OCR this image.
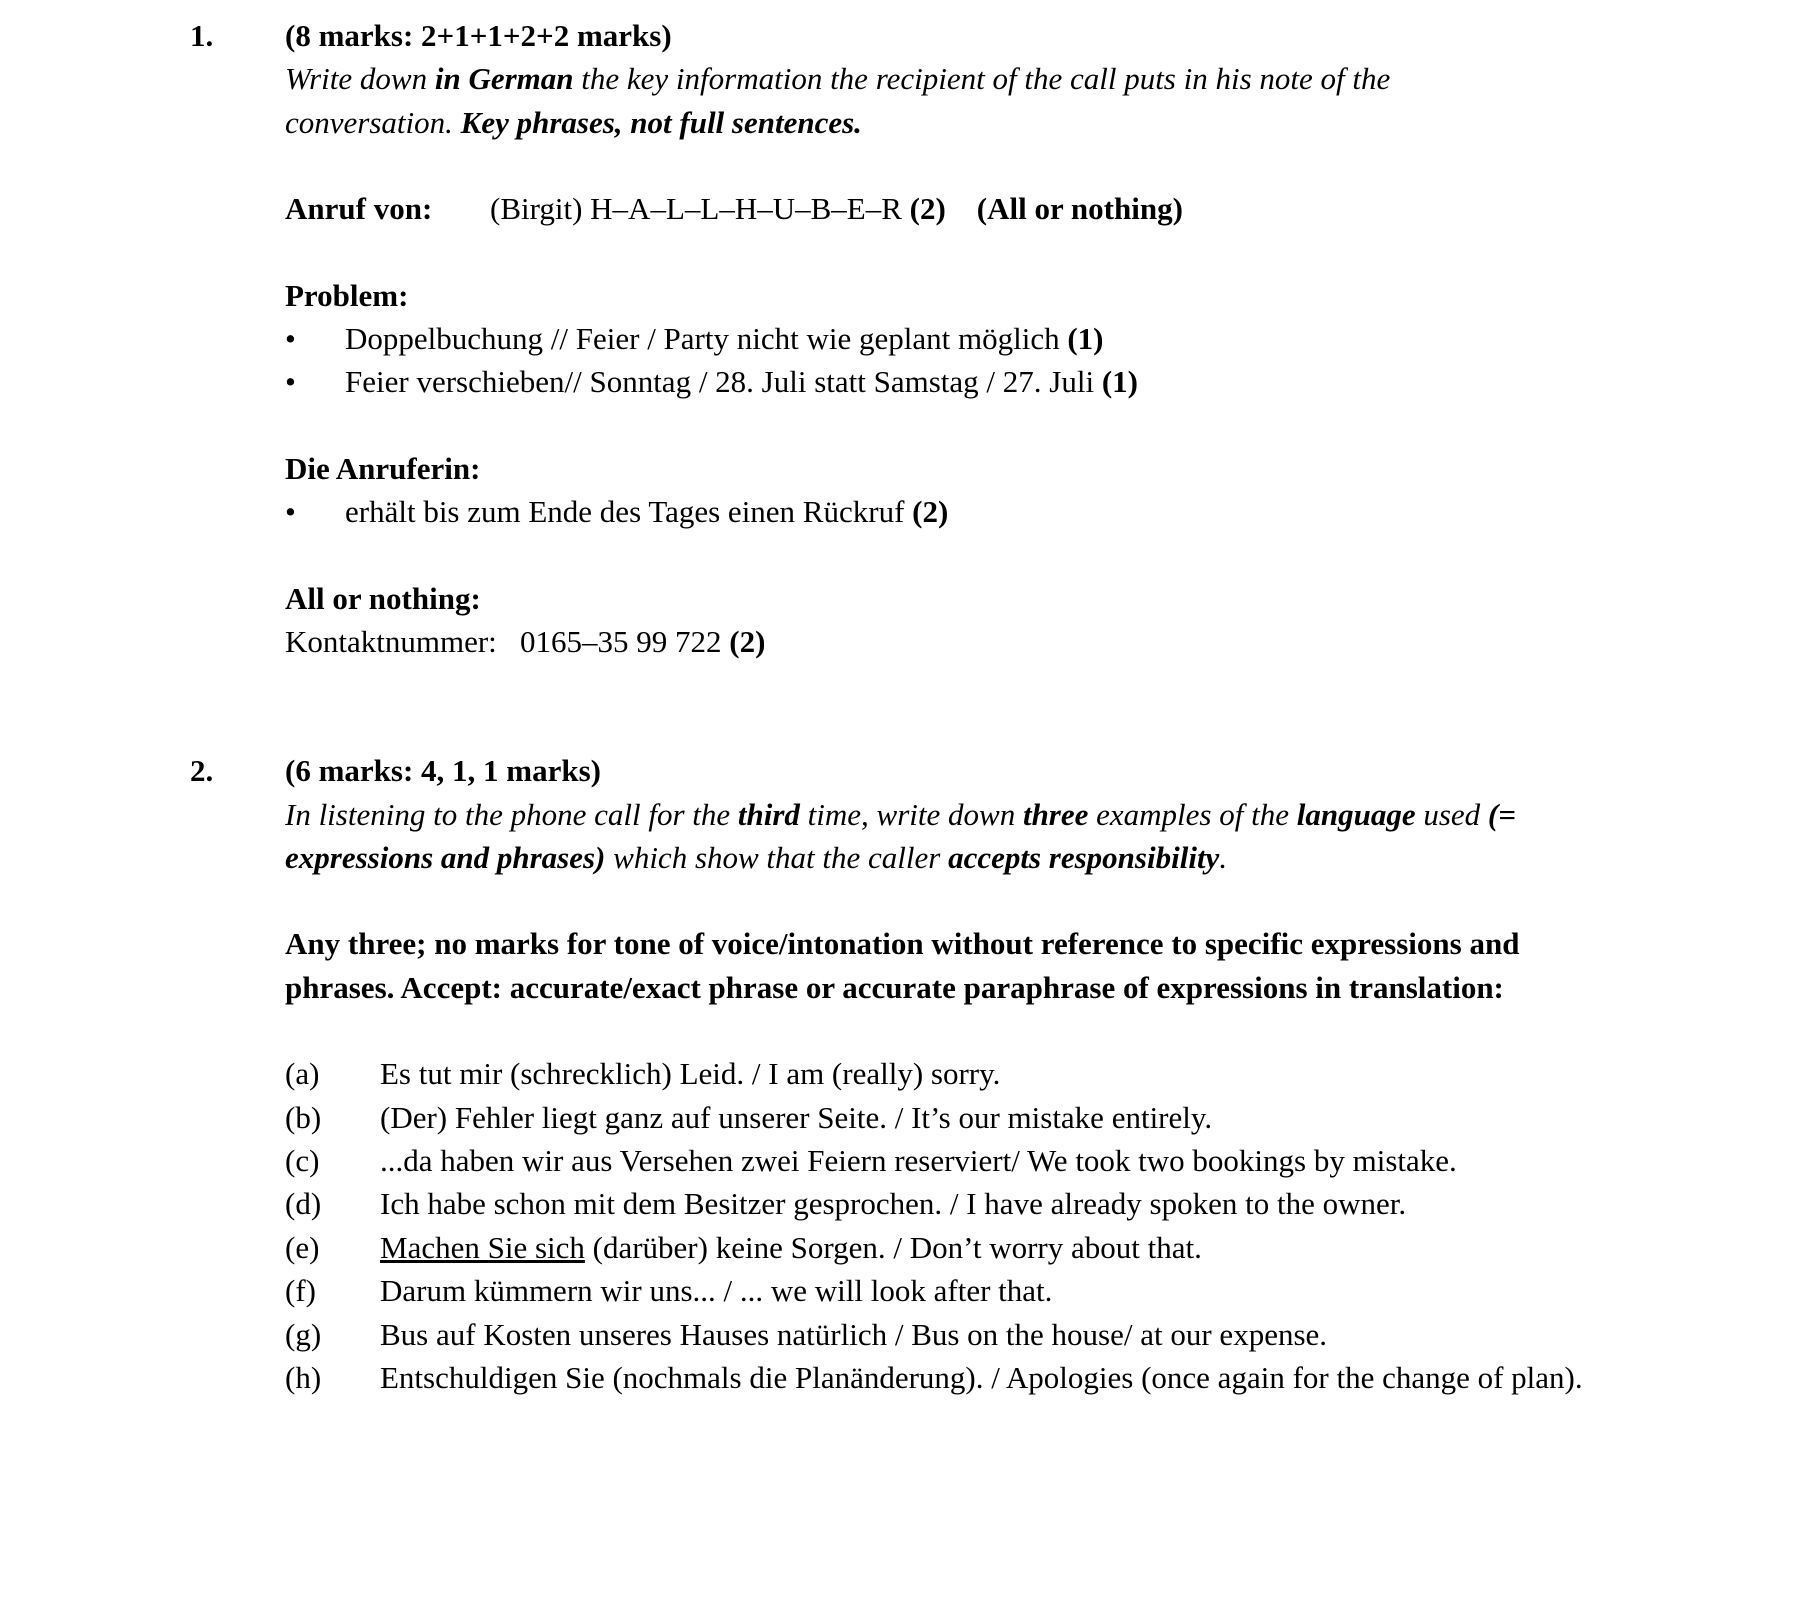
1.	(8 marks: 2+1+1+2+2 marks)

Write down in German the key information the recipient of the call puts in his note of the conversation. Key phrases, not full sentences.

Anruf von:	(Birgit) H–A–L–L–H–U–B–E–R (2) (All or nothing)

Problem:

•	Doppelbuchung // Feier / Party nicht wie geplant möglich (1)
•	Feier verschieben// Sonntag / 28. Juli statt Samstag / 27. Juli (1)

Die Anruferin:

•	erhält bis zum Ende des Tages einen Rückruf (2)

All or nothing:

Kontaktnummer: 0165–35 99 722 (2)
2.	(6 marks: 4, 1, 1 marks)

In listening to the phone call for the third time, write down three examples of the language used (= expressions and phrases) which show that the caller accepts responsibility.

Any three; no marks for tone of voice/intonation without reference to specific expressions and phrases. Accept: accurate/exact phrase or accurate paraphrase of expressions in translation:

(a)	Es tut mir (schrecklich) Leid. / I am (really) sorry.
(b)	(Der) Fehler liegt ganz auf unserer Seite. / It’s our mistake entirely.
(c)	...da haben wir aus Versehen zwei Feiern reserviert/ We took two bookings by mistake.
(d)	Ich habe schon mit dem Besitzer gesprochen. / I have already spoken to the owner.
(e)	Machen Sie sich (darüber) keine Sorgen. / Don’t worry about that.
(f)	Darum kümmern wir uns... / ... we will look after that.
(g)	Bus auf Kosten unseres Hauses natürlich / Bus on the house/ at our expense.
(h)	Entschuldigen Sie (nochmals die Planänderung). / Apologies (once again for the change of plan).
